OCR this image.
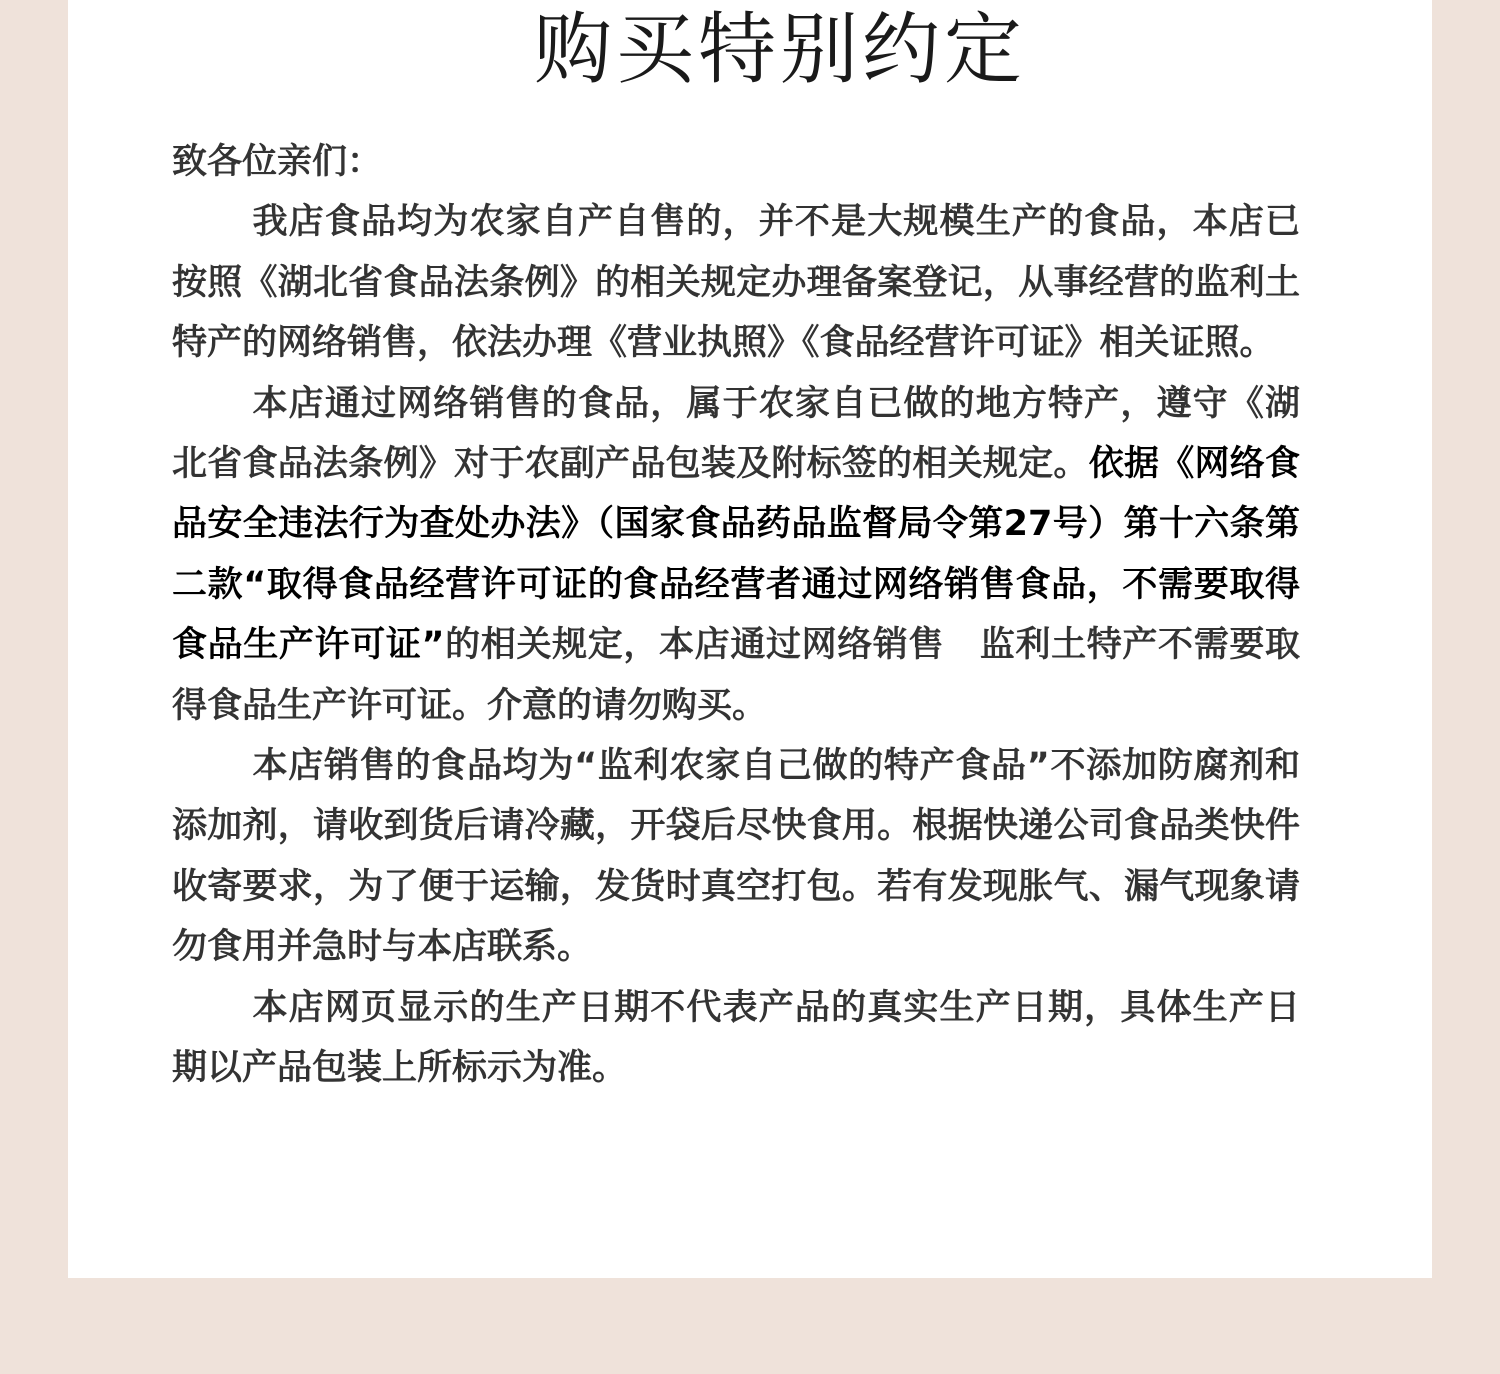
购买特别约定

致各位亲们：

我店食品均为农家自产自售的，并不是大规模生产的食品，本店已按照《湖北省食品法条例》的相关规定办理备案登记，从事经营的监利土特产的网络销售，依法办理《营业执照》《食品经营许可证》相关证照。

本店通过网络销售的食品，属于农家自已做的地方特产，遵守《湖北省食品法条例》对于农副产品包装及附标签的相关规定。依据《网络食品安全违法行为查处办法》（国家食品药品监督局令第27号）第十六条第二款“取得食品经营许可证的食品经营者通过网络销售食品，不需要取得食品生产许可证”的相关规定，本店通过网络销售　监利土特产不需要取得食品生产许可证。介意的请勿购买。

本店销售的食品均为“监利农家自己做的特产食品”不添加防腐剂和添加剂，请收到货后请冷藏，开袋后尽快食用。根据快递公司食品类快件收寄要求，为了便于运输，发货时真空打包。若有发现胀气、漏气现象请勿食用并急时与本店联系。

本店网页显示的生产日期不代表产品的真实生产日期，具体生产日期以产品包装上所标示为准。
